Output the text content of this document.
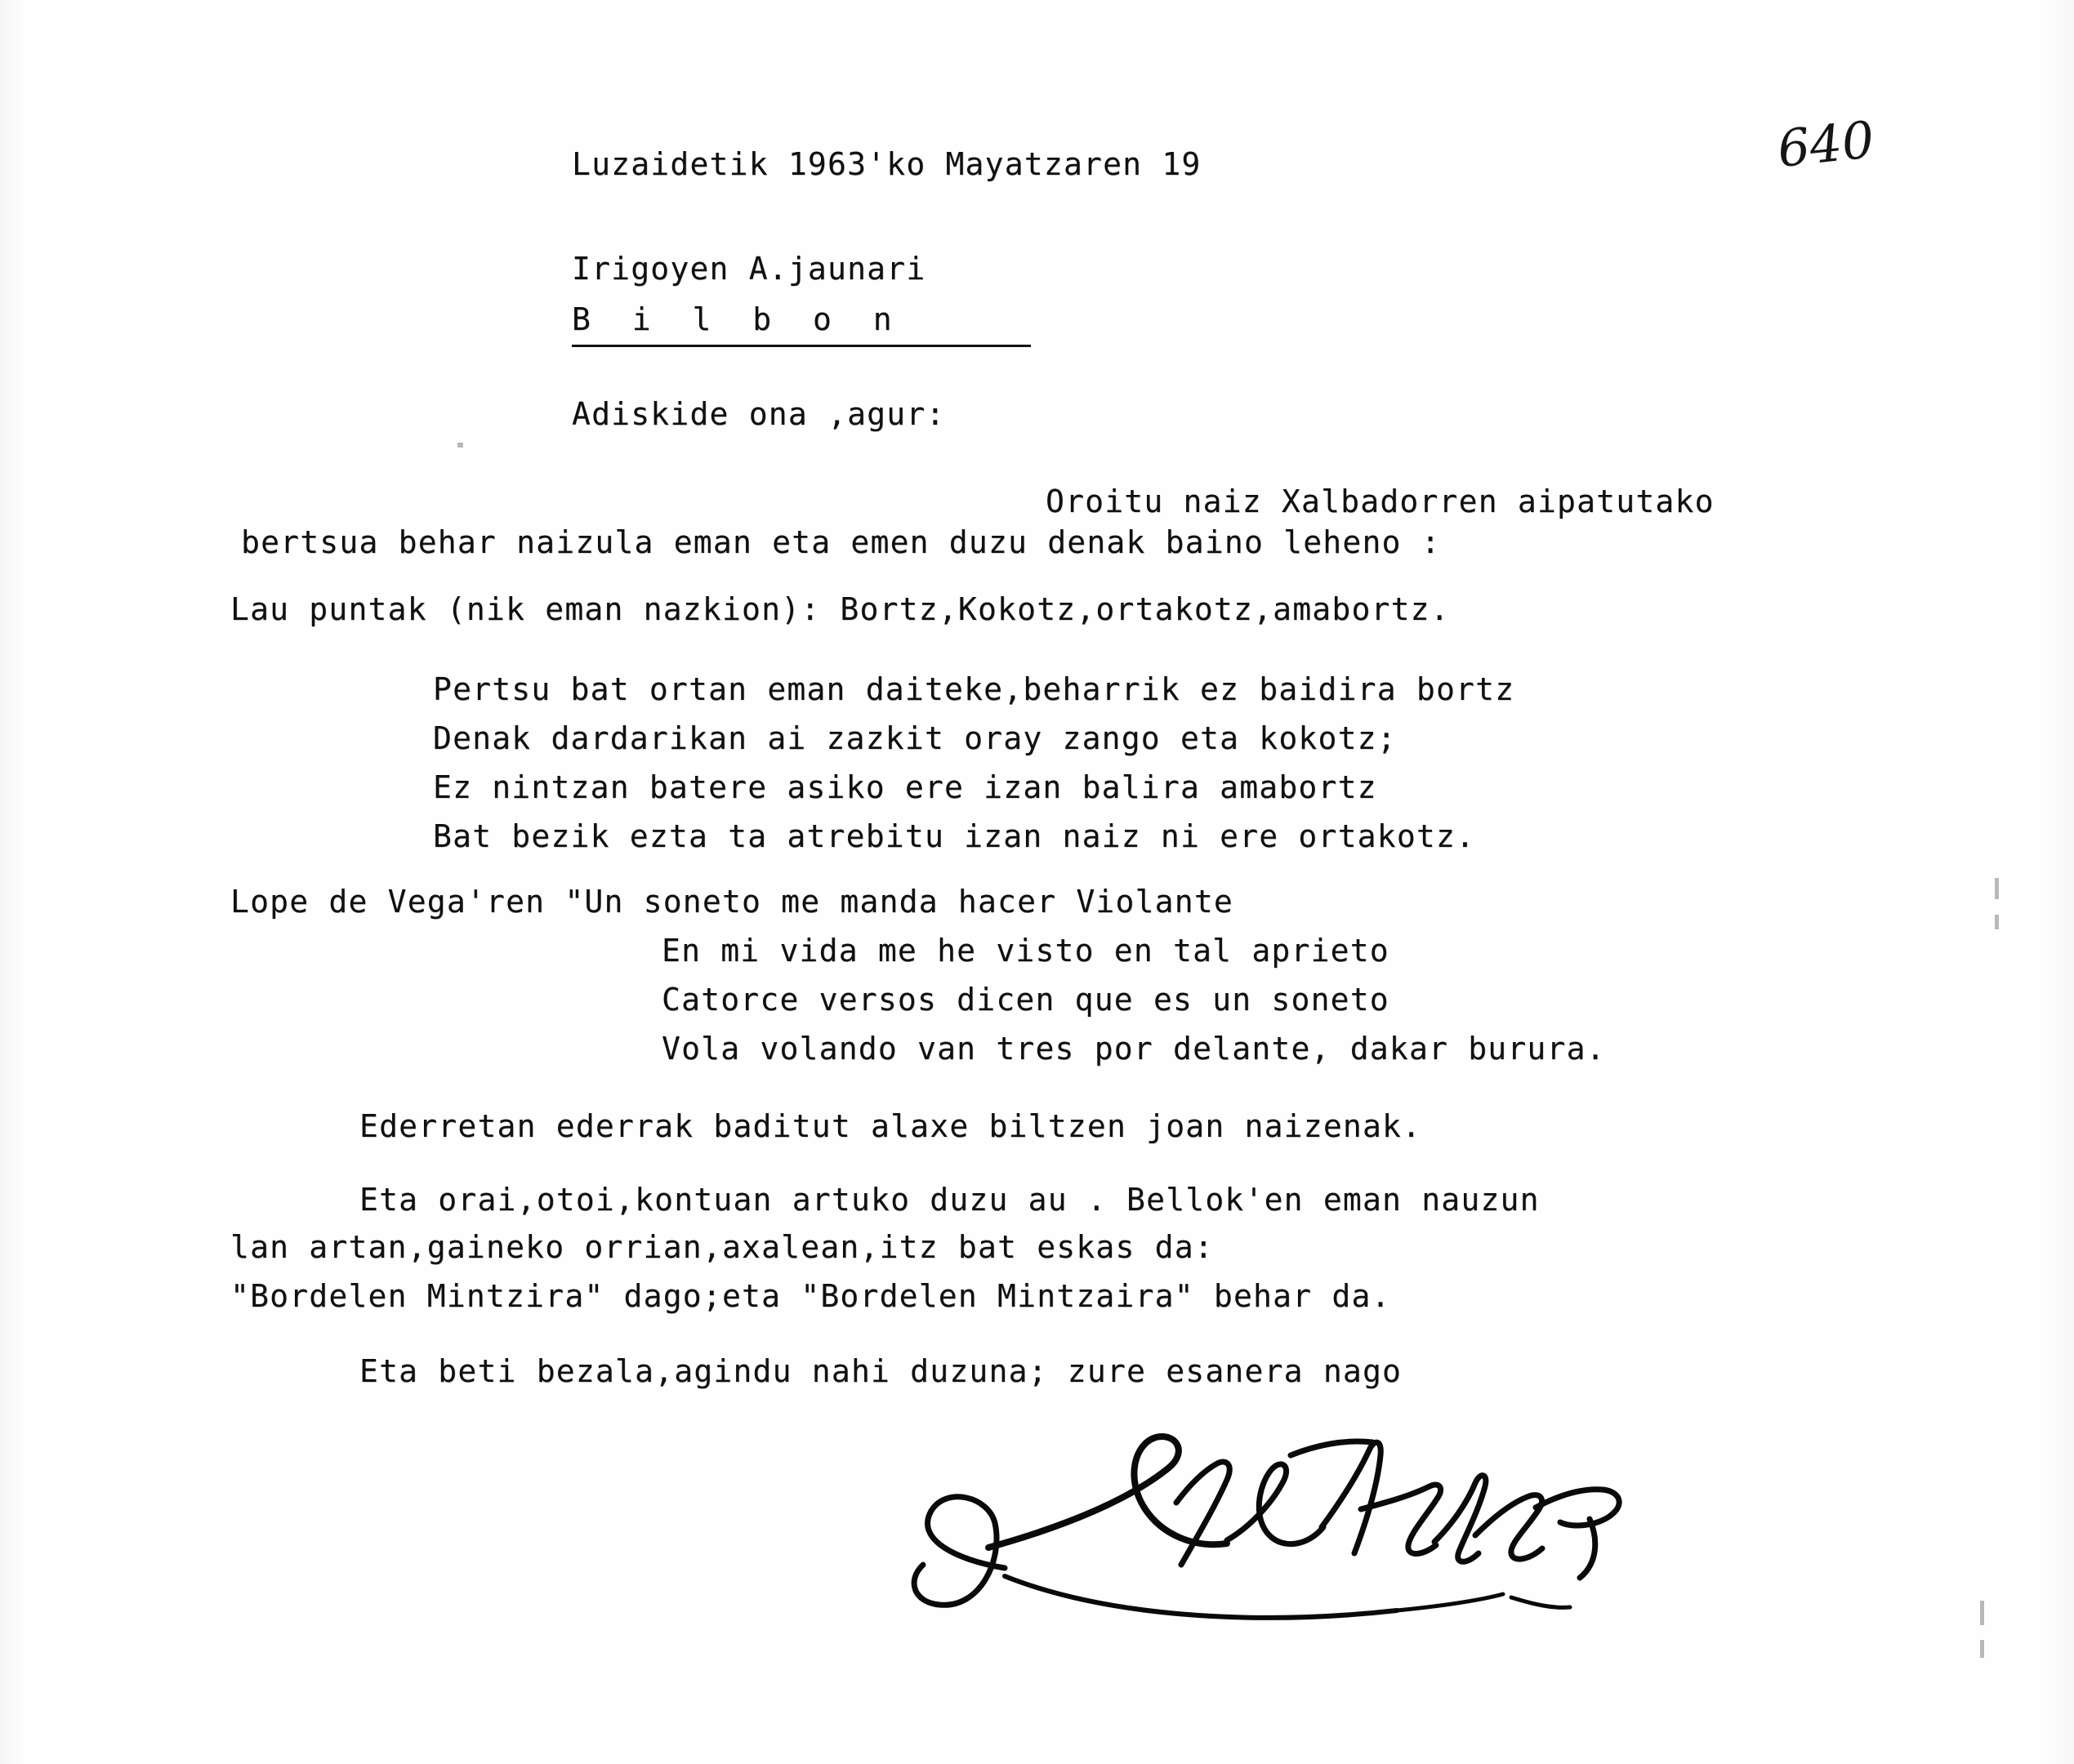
640
Luzaidetik 1963'ko Mayatzaren 19
Irigoyen A.jaunari
B i l b o n
Adiskide ona ,agur:
Oroitu naiz Xalbadorren aipatutako
bertsua behar naizula eman eta emen duzu denak baino leheno :
Lau puntak (nik eman nazkion): Bortz,Kokotz,ortakotz,amabortz.
Pertsu bat ortan eman daiteke,beharrik ez baidira bortz
Denak dardarikan ai zazkit oray zango eta kokotz;
Ez nintzan batere asiko ere izan balira amabortz
Bat bezik ezta ta atrebitu izan naiz ni ere ortakotz.
Lope de Vega'ren "Un soneto me manda hacer Violante
En mi vida me he visto en tal aprieto
Catorce versos dicen que es un soneto
Vola volando van tres por delante, dakar burura.
Ederretan ederrak baditut alaxe biltzen joan naizenak.
Eta orai,otoi,kontuan artuko duzu au . Bellok'en eman nauzun
lan artan,gaineko orrian,axalean,itz bat eskas da:
"Bordelen Mintzira" dago;eta "Bordelen Mintzaira" behar da.
Eta beti bezala,agindu nahi duzuna; zure esanera nago
